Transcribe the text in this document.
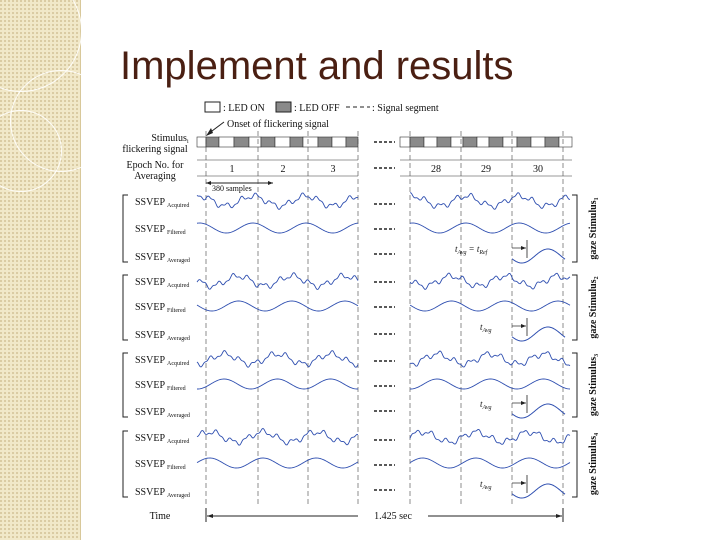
Implement and results
: LED ON	: LED OFF	: Signal segment
Onset of flickering signal
Stimulus$_i$
flickering signal
Epoch No. for
Averaging
1	2	3	28	29	30
380 samples
SSVEP $_{Acquired}$
SSVEP $_{Filtered}$
SSVEP $_{Averaged}$
SSVEP $_{Acquired}$
SSVEP $_{Filtered}$
SSVEP $_{Averaged}$
SSVEP $_{Acquired}$
SSVEP $_{Filtered}$
SSVEP $_{Averaged}$
SSVEP $_{Acquired}$
SSVEP $_{Filtered}$
SSVEP $_{Averaged}$
gaze Stimulus$_1$
gaze Stimulus$_2$
gaze Stimulus$_3$
gaze Stimulus$_4$
$t_{Avg} = t_{Ref}$
$t_{Avg}$
$t_{Avg}$
$t_{Avg}$
Time	1.425 sec
